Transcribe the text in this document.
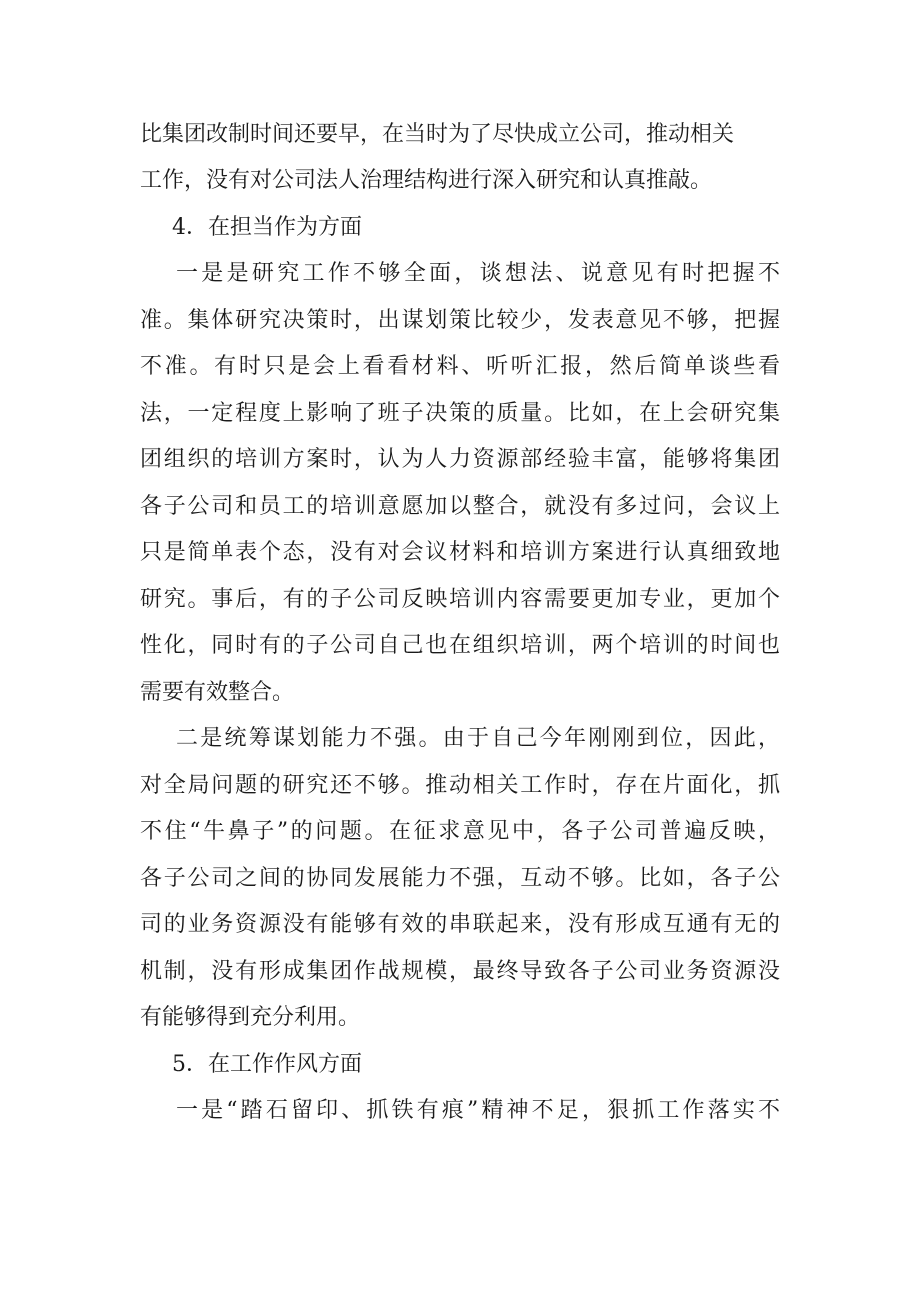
比集团改制时间还要早，在当时为了尽快成立公司，推动相关
工作，没有对公司法人治理结构进行深入研究和认真推敲。
4．在担当作为方面
一是是研究工作不够全面，谈想法、说意见有时把握不
准。集体研究决策时，出谋划策比较少，发表意见不够，把握
不准。有时只是会上看看材料、听听汇报，然后简单谈些看
法，一定程度上影响了班子决策的质量。比如，在上会研究集
团组织的培训方案时，认为人力资源部经验丰富，能够将集团
各子公司和员工的培训意愿加以整合，就没有多过问，会议上
只是简单表个态，没有对会议材料和培训方案进行认真细致地
研究。事后，有的子公司反映培训内容需要更加专业，更加个
性化，同时有的子公司自己也在组织培训，两个培训的时间也
需要有效整合。
二是统筹谋划能力不强。由于自己今年刚刚到位，因此，
对全局问题的研究还不够。推动相关工作时，存在片面化，抓
不住“牛鼻子”的问题。在征求意见中，各子公司普遍反映，
各子公司之间的协同发展能力不强，互动不够。比如，各子公
司的业务资源没有能够有效的串联起来，没有形成互通有无的
机制，没有形成集团作战规模，最终导致各子公司业务资源没
有能够得到充分利用。
5．在工作作风方面
一是“踏石留印、抓铁有痕”精神不足，狠抓工作落实不
